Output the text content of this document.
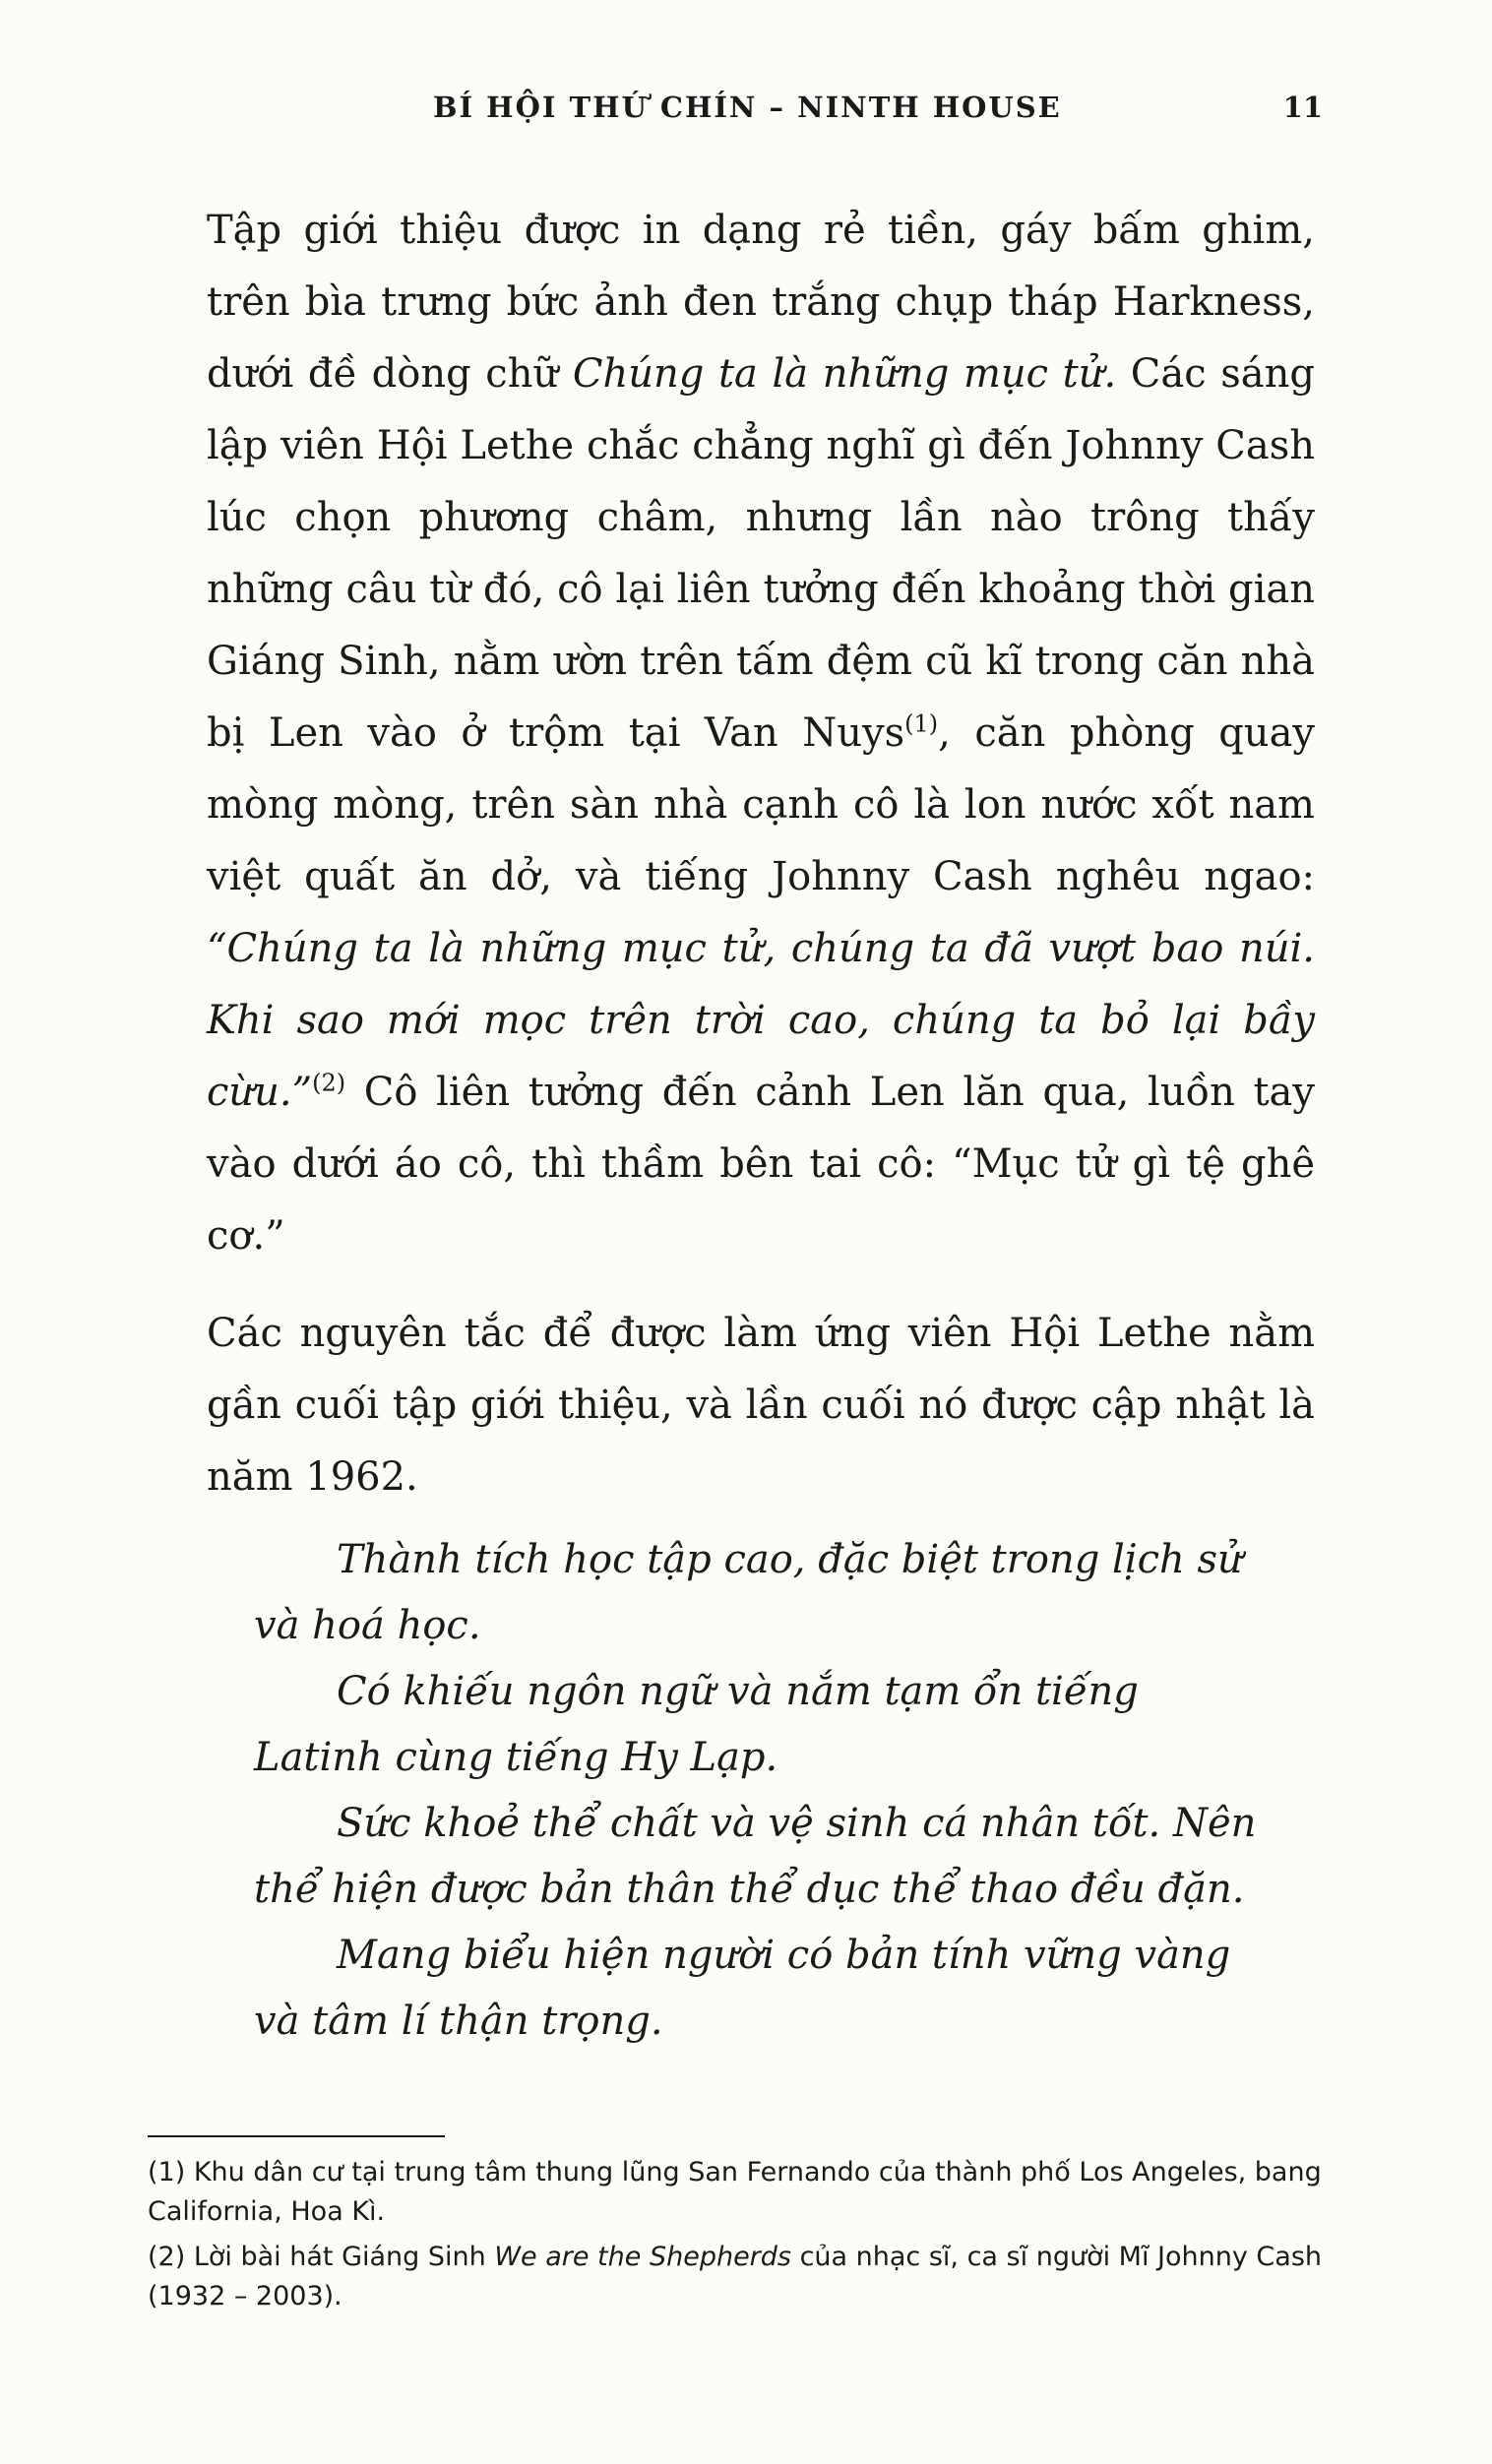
BÍ HỘI THỨ CHÍN – NINTH HOUSE	11

Tập giới thiệu được in dạng rẻ tiền, gáy bấm ghim, trên bìa trưng bức ảnh đen trắng chụp tháp Harkness, dưới đề dòng chữ Chúng ta là những mục tử. Các sáng lập viên Hội Lethe chắc chẳng nghĩ gì đến Johnny Cash lúc chọn phương châm, nhưng lần nào trông thấy những câu từ đó, cô lại liên tưởng đến khoảng thời gian Giáng Sinh, nằm ườn trên tấm đệm cũ kĩ trong căn nhà bị Len vào ở trộm tại Van Nuys$^{(1)}$, căn phòng quay mòng mòng, trên sàn nhà cạnh cô là lon nước xốt nam việt quất ăn dở, và tiếng Johnny Cash nghêu ngao: “Chúng ta là những mục tử, chúng ta đã vượt bao núi. Khi sao mới mọc trên trời cao, chúng ta bỏ lại bầy cừu.”$^{(2)}$ Cô liên tưởng đến cảnh Len lăn qua, luồn tay vào dưới áo cô, thì thầm bên tai cô: “Mục tử gì tệ ghê cơ.”

Các nguyên tắc để được làm ứng viên Hội Lethe nằm gần cuối tập giới thiệu, và lần cuối nó được cập nhật là năm 1962.

Thành tích học tập cao, đặc biệt trong lịch sử
và hoá học.
Có khiếu ngôn ngữ và nắm tạm ổn tiếng
Latinh cùng tiếng Hy Lạp.
Sức khoẻ thể chất và vệ sinh cá nhân tốt. Nên
thể hiện được bản thân thể dục thể thao đều đặn.
Mang biểu hiện người có bản tính vững vàng
và tâm lí thận trọng.

(1) Khu dân cư tại trung tâm thung lũng San Fernando của thành phố Los Angeles, bang California, Hoa Kì.

(2) Lời bài hát Giáng Sinh We are the Shepherds của nhạc sĩ, ca sĩ người Mĩ Johnny Cash (1932 – 2003).
